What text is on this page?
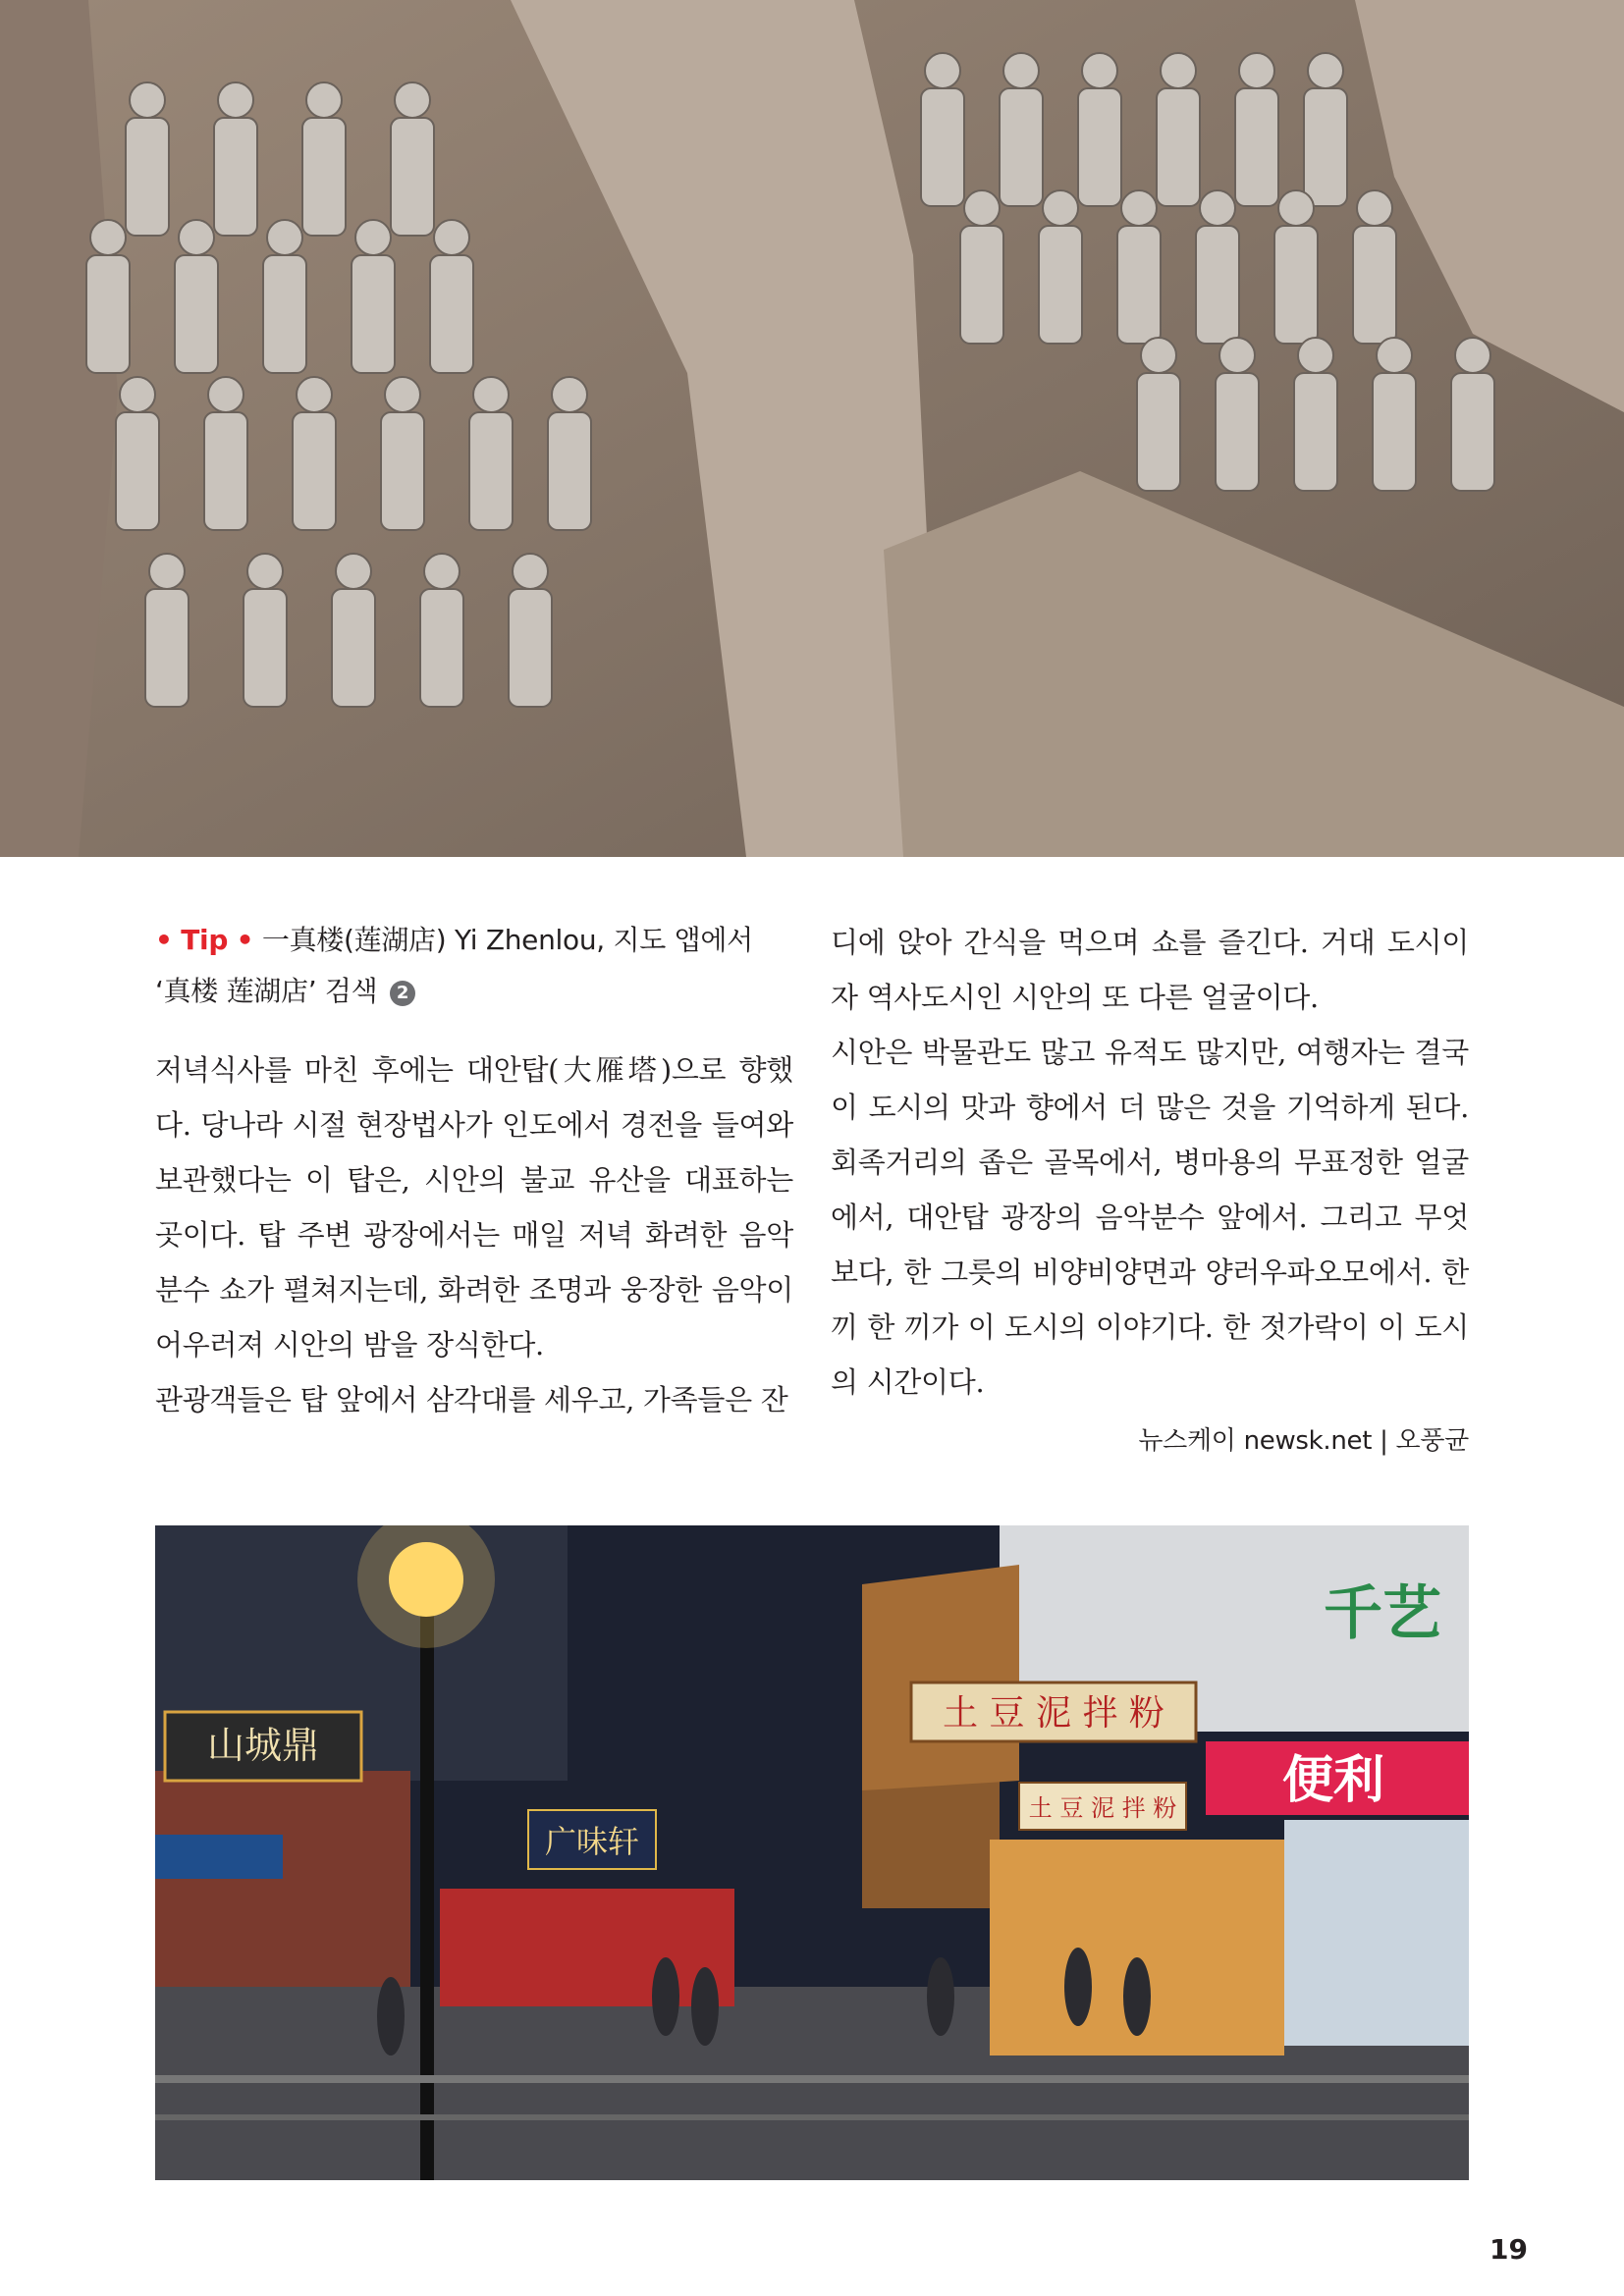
• Tip • 一真楼(莲湖店) Yi Zhenlou, 지도 앱에서 ‘真楼 莲湖店’ 검색 2

저녁식사를 마친 후에는 대안탑(大雁塔)으로 향했다. 당나라 시절 현장법사가 인도에서 경전을 들여와 보관했다는 이 탑은, 시안의 불교 유산을 대표하는 곳이다. 탑 주변 광장에서는 매일 저녁 화려한 음악분수 쇼가 펼쳐지는데, 화려한 조명과 웅장한 음악이 어우러져 시안의 밤을 장식한다.

관광객들은 탑 앞에서 삼각대를 세우고, 가족들은 잔

디에 앉아 간식을 먹으며 쇼를 즐긴다. 거대 도시이자 역사도시인 시안의 또 다른 얼굴이다.

시안은 박물관도 많고 유적도 많지만, 여행자는 결국 이 도시의 맛과 향에서 더 많은 것을 기억하게 된다. 회족거리의 좁은 골목에서, 병마용의 무표정한 얼굴에서, 대안탑 광장의 음악분수 앞에서. 그리고 무엇보다, 한 그릇의 비양비양면과 양러우파오모에서. 한 끼 한 끼가 이 도시의 이야기다. 한 젓가락이 이 도시의 시간이다.

뉴스케이 newsk.net | 오풍균

山城鼎
广味轩
土 豆 泥 拌 粉
土 豆 泥 拌 粉 便利
千艺
19
